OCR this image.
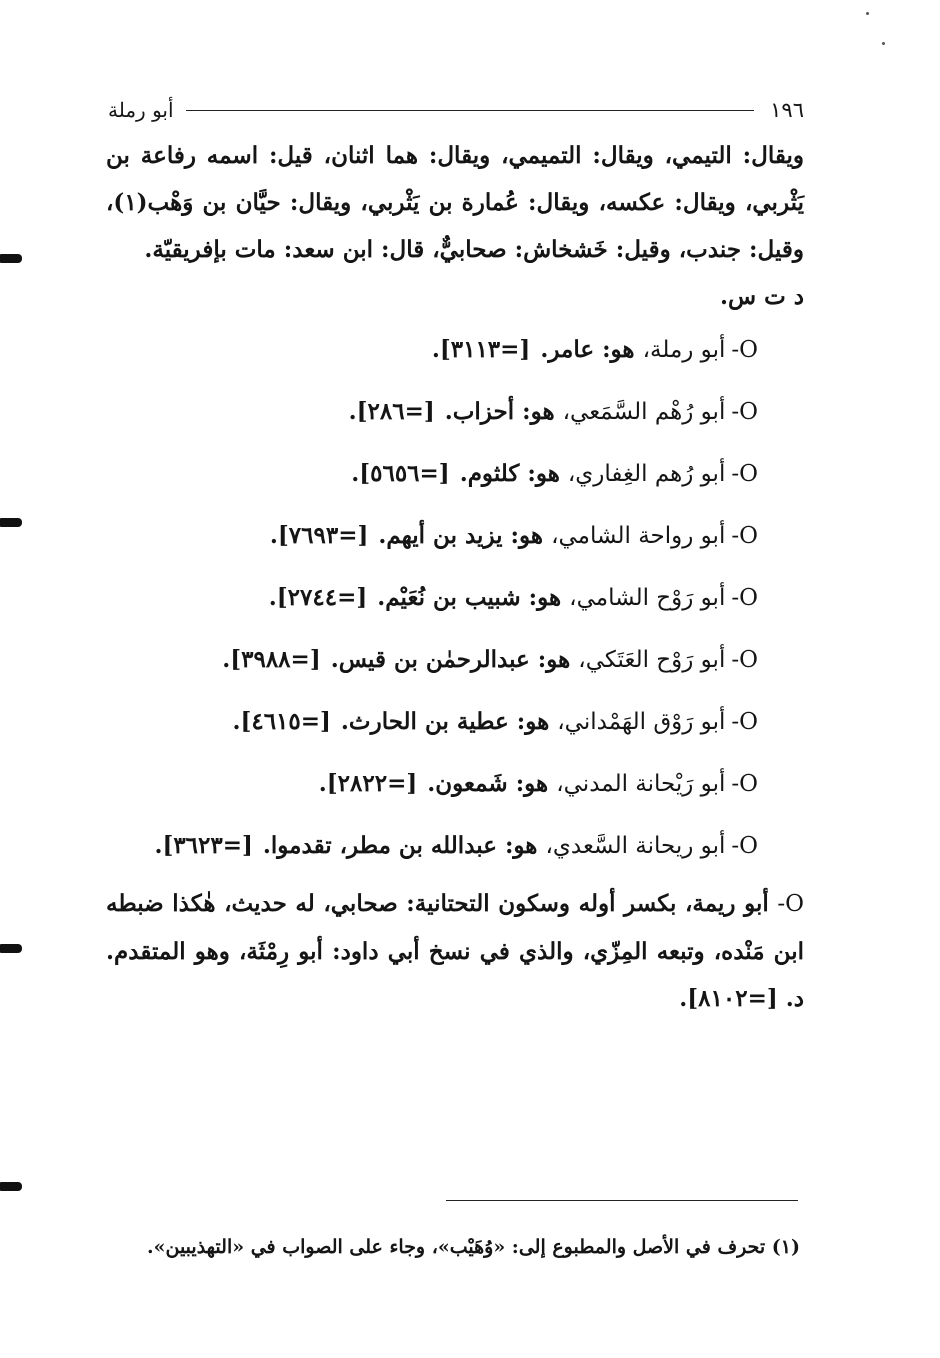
١٩٦
أبو رملة
ويقال: التيمي، ويقال: التميمي، ويقال: هما اثنان، قيل: اسمه رفاعة بن يَثْربي، ويقال: عكسه، ويقال: عُمارة بن يَثْربي، ويقال: حيَّان بن وَهْب(١)، وقيل: جندب، وقيل: خَشخاش: صحابيٌّ، قال: ابن سعد: مات بإفريقيّة.
د ت س.
O-
أبو رملة،
هو:
عامر.
[=٣١١٣].
O-
أبو رُهْم السَّمَعي،
هو:
أحزاب.
[=٢٨٦].
O-
أبو رُهم الغِفاري،
هو:
كلثوم.
[=٥٦٥٦].
O-
أبو رواحة الشامي،
هو:
يزيد بن أيهم.
[=٧٦٩٣].
O-
أبو رَوْح الشامي،
هو:
شبيب بن نُعَيْم.
[=٢٧٤٤].
O-
أبو رَوْح العَتَكي،
هو:
عبدالرحمٰن بن قيس.
[=٣٩٨٨].
O-
أبو رَوْق الهَمْداني،
هو:
عطية بن الحارث.
[=٤٦١٥].
O-
أبو رَيْحانة المدني،
هو:
شَمعون.
[=٢٨٢٢].
O-
أبو ريحانة السَّعدي،
هو:
عبدالله بن مطر، تقدموا.
[=٣٦٢٣].
O- أبو ريمة، بكسر أوله وسكون التحتانية: صحابي، له حديث، هٰكذا ضبطه ابن مَنْده، وتبعه المِزّي، والذي في نسخ أبي داود: أبو رِمْثَة، وهو المتقدم. د. [=٨١٠٢].
(١) تحرف في الأصل والمطبوع إلى: «وُهَيْب»، وجاء على الصواب في «التهذيبين».
